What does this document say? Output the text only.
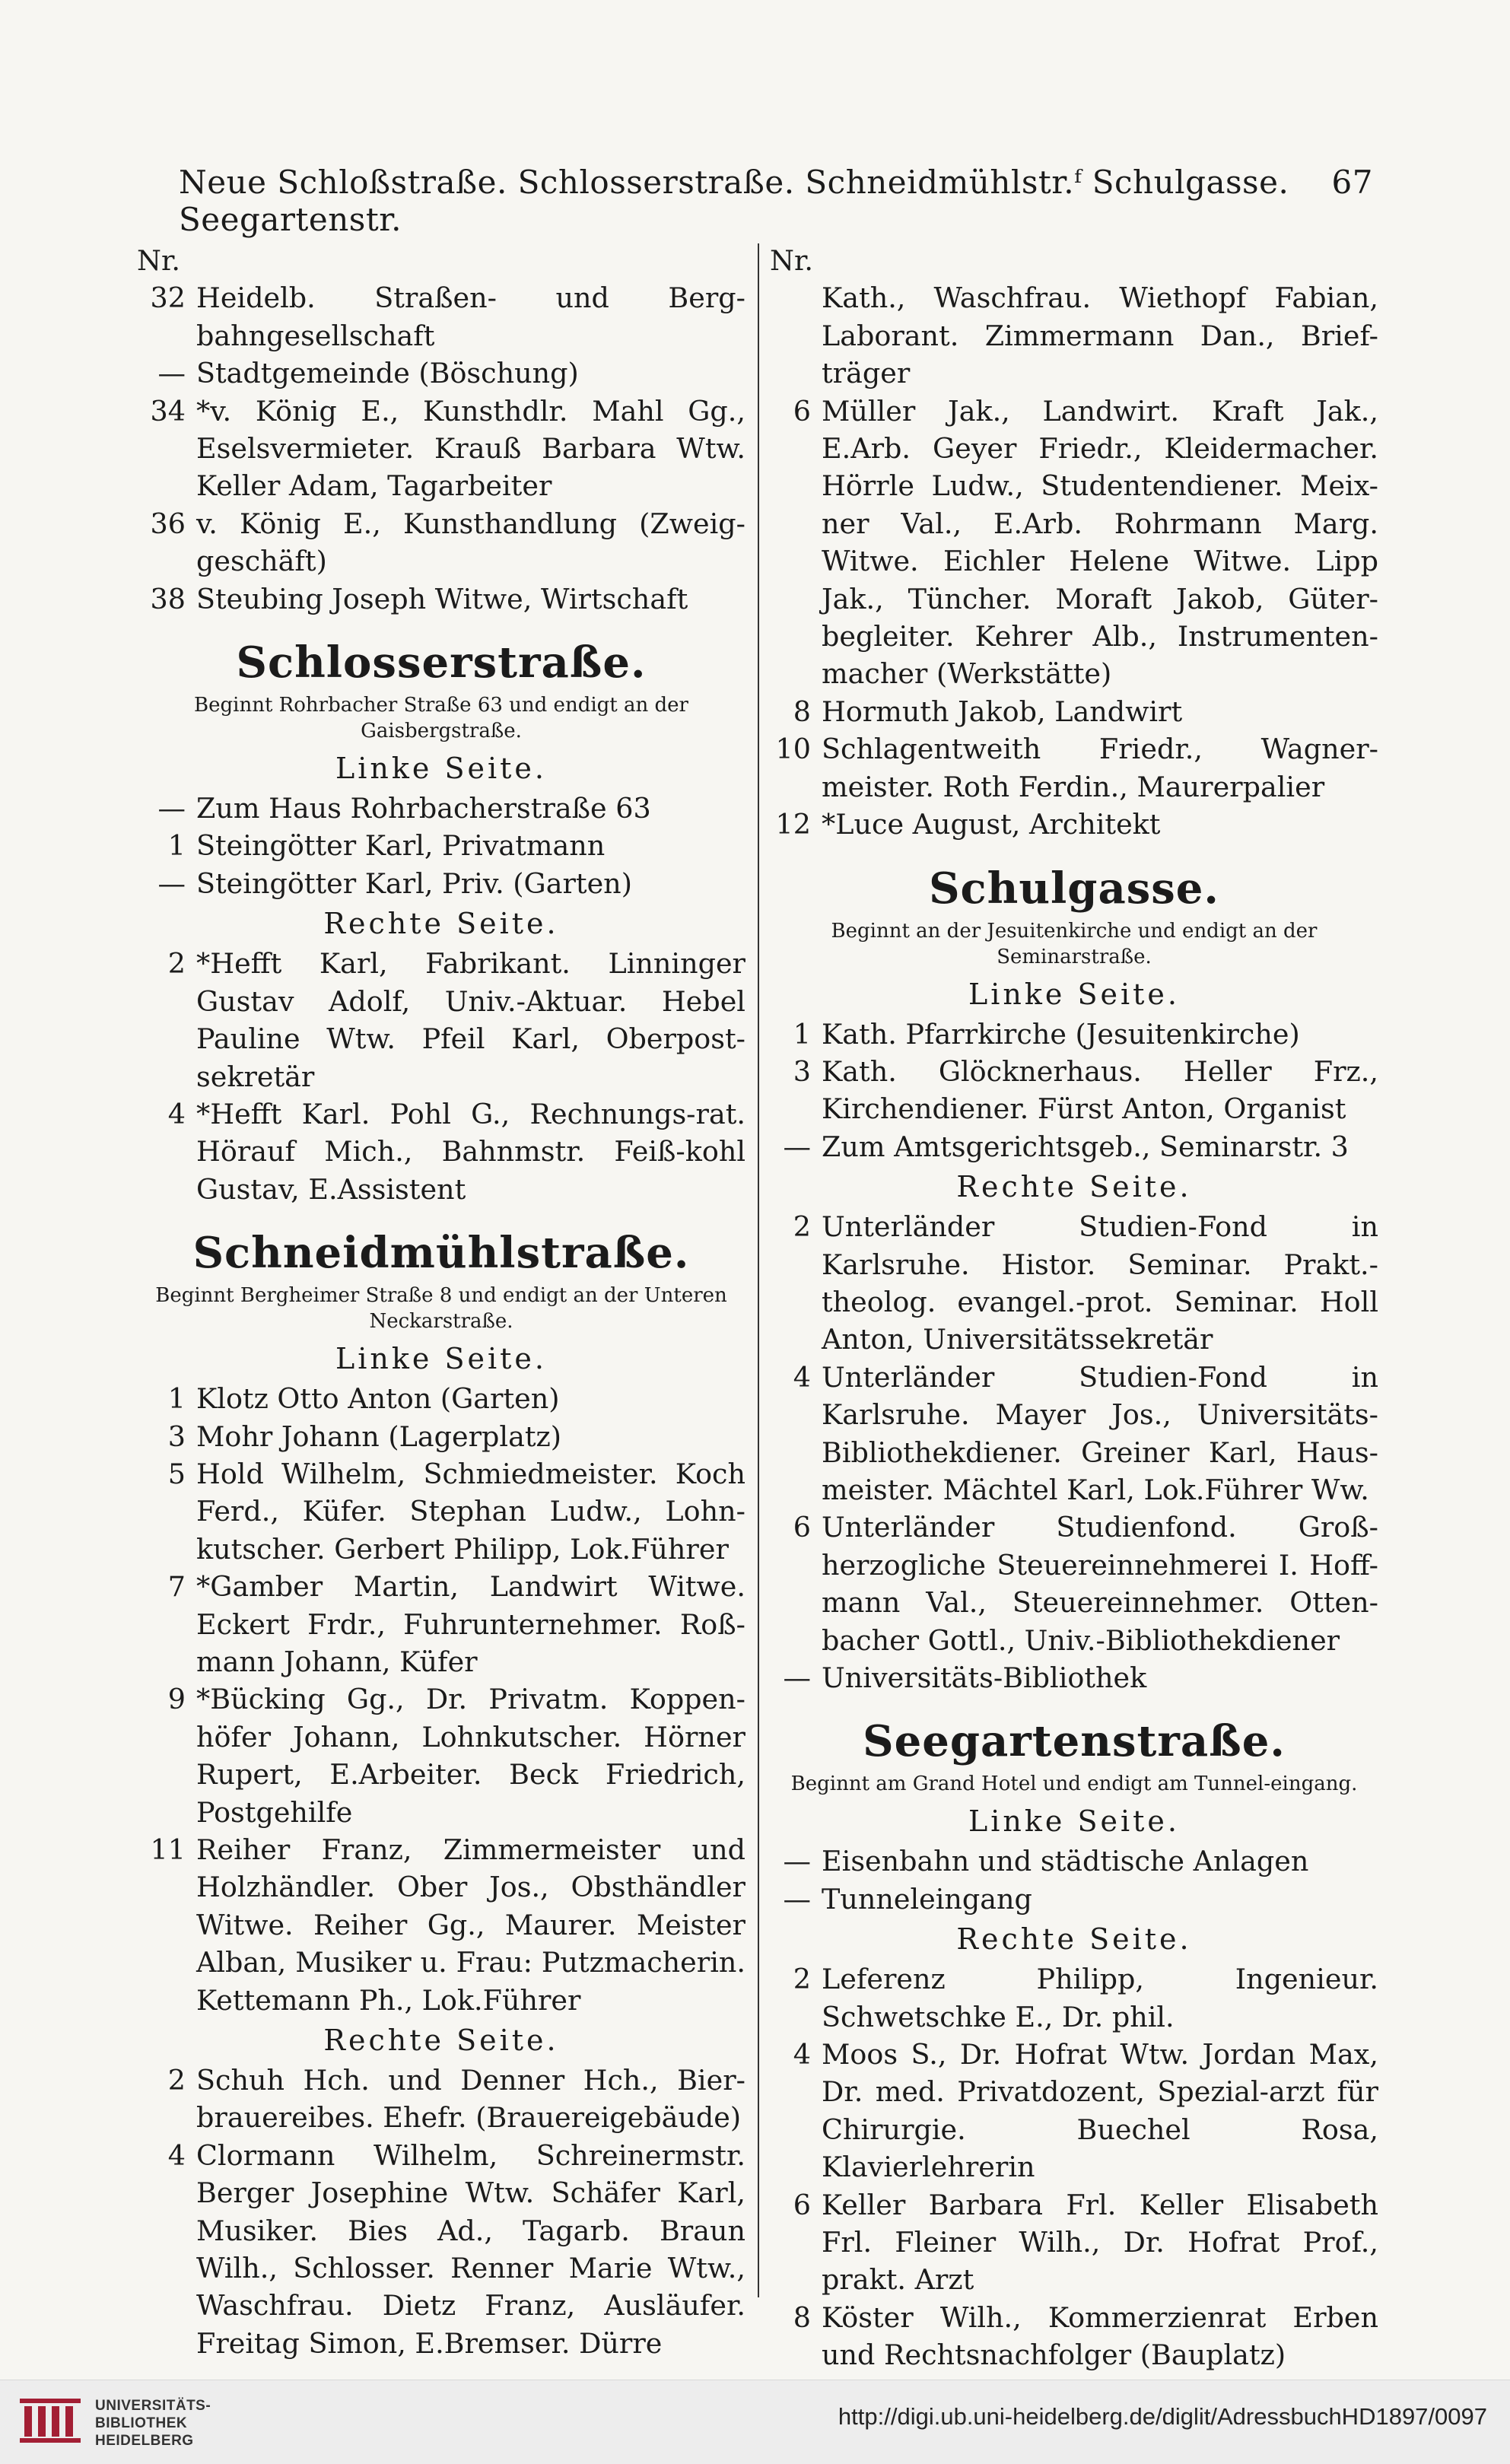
Neue Schloßstraße. Schlosserstraße. Schneidmühlstr.ᶠ Schulgasse. Seegartenstr.
67
Nr.
32 Heidelb. Straßen- und Berg-bahngesellschaft
— Stadtgemeinde (Böschung)
34 *v. König E., Kunsthdlr. Mahl Gg., Eselsvermieter. Krauß Barbara Wtw. Keller Adam, Tagarbeiter
36 v. König E., Kunsthandlung (Zweig-geschäft)
38 Steubing Joseph Witwe, Wirtschaft
Schlosserstraße.
Beginnt Rohrbacher Straße 63 und endigt an der Gaisbergstraße.
Linke Seite.
— Zum Haus Rohrbacherstraße 63
1 Steingötter Karl, Privatmann
— Steingötter Karl, Priv. (Garten)
Rechte Seite.
2 *Hefft Karl, Fabrikant. Linninger Gustav Adolf, Univ.-Aktuar. Hebel Pauline Wtw. Pfeil Karl, Oberpost-sekretär
4 *Hefft Karl. Pohl G., Rechnungs-rat. Hörauf Mich., Bahnmstr. Feiß-kohl Gustav, E.Assistent
Schneidmühlstraße.
Beginnt Bergheimer Straße 8 und endigt an der Unteren Neckarstraße.
Linke Seite.
1 Klotz Otto Anton (Garten)
3 Mohr Johann (Lagerplatz)
5 Hold Wilhelm, Schmiedmeister. Koch Ferd., Küfer. Stephan Ludw., Lohn-kutscher. Gerbert Philipp, Lok.Führer
7 *Gamber Martin, Landwirt Witwe. Eckert Frdr., Fuhrunternehmer. Roß-mann Johann, Küfer
9 *Bücking Gg., Dr. Privatm. Koppen-höfer Johann, Lohnkutscher. Hörner Rupert, E.Arbeiter. Beck Friedrich, Postgehilfe
11 Reiher Franz, Zimmermeister und Holzhändler. Ober Jos., Obsthändler Witwe. Reiher Gg., Maurer. Meister Alban, Musiker u. Frau: Putzmacherin. Kettemann Ph., Lok.Führer
Rechte Seite.
2 Schuh Hch. und Denner Hch., Bier-brauereibes. Ehefr. (Brauereigebäude)
4 Clormann Wilhelm, Schreinermstr. Berger Josephine Wtw. Schäfer Karl, Musiker. Bies Ad., Tagarb. Braun Wilh., Schlosser. Renner Marie Wtw., Waschfrau. Dietz Franz, Ausläufer. Freitag Simon, E.Bremser. Dürre
Nr.
Kath., Waschfrau. Wiethopf Fabian, Laborant. Zimmermann Dan., Brief-träger
6 Müller Jak., Landwirt. Kraft Jak., E.Arb. Geyer Friedr., Kleidermacher. Hörrle Ludw., Studentendiener. Meix-ner Val., E.Arb. Rohrmann Marg. Witwe. Eichler Helene Witwe. Lipp Jak., Tüncher. Moraft Jakob, Güter-begleiter. Kehrer Alb., Instrumenten-macher (Werkstätte)
8 Hormuth Jakob, Landwirt
10 Schlagentweith Friedr., Wagner-meister. Roth Ferdin., Maurerpalier
12 *Luce August, Architekt
Schulgasse.
Beginnt an der Jesuitenkirche und endigt an der Seminarstraße.
Linke Seite.
1 Kath. Pfarrkirche (Jesuitenkirche)
3 Kath. Glöcknerhaus. Heller Frz., Kirchendiener. Fürst Anton, Organist
— Zum Amtsgerichtsgeb., Seminarstr. 3
Rechte Seite.
2 Unterländer Studien-Fond in Karlsruhe. Histor. Seminar. Prakt.-theolog. evangel.-prot. Seminar. Holl Anton, Universitätssekretär
4 Unterländer Studien-Fond in Karlsruhe. Mayer Jos., Universitäts-Bibliothekdiener. Greiner Karl, Haus-meister. Mächtel Karl, Lok.Führer Ww.
6 Unterländer Studienfond. Groß-herzogliche Steuereinnehmerei I. Hoff-mann Val., Steuereinnehmer. Otten-bacher Gottl., Univ.-Bibliothekdiener
— Universitäts-Bibliothek
Seegartenstraße.
Beginnt am Grand Hotel und endigt am Tunnel-eingang.
Linke Seite.
— Eisenbahn und städtische Anlagen
— Tunneleingang
Rechte Seite.
2 Leferenz Philipp, Ingenieur. Schwetschke E., Dr. phil.
4 Moos S., Dr. Hofrat Wtw. Jordan Max, Dr. med. Privatdozent, Spezial-arzt für Chirurgie. Buechel Rosa, Klavierlehrerin
6 Keller Barbara Frl. Keller Elisabeth Frl. Fleiner Wilh., Dr. Hofrat Prof., prakt. Arzt
8 Köster Wilh., Kommerzienrat Erben und Rechtsnachfolger (Bauplatz)
UNIVERSITÄTS-
BIBLIOTHEK
HEIDELBERG
http://digi.ub.uni-heidelberg.de/diglit/AdressbuchHD1897/0097
